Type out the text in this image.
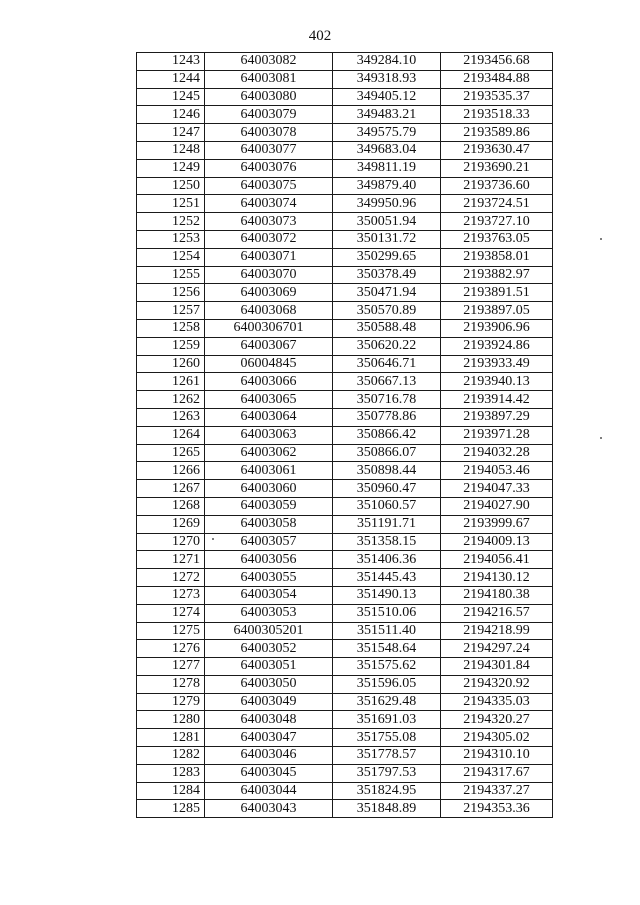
402
1243	64003082	349284.10	2193456.68
1244	64003081	349318.93	2193484.88
1245	64003080	349405.12	2193535.37
1246	64003079	349483.21	2193518.33
1247	64003078	349575.79	2193589.86
1248	64003077	349683.04	2193630.47
1249	64003076	349811.19	2193690.21
1250	64003075	349879.40	2193736.60
1251	64003074	349950.96	2193724.51
1252	64003073	350051.94	2193727.10
1253	64003072	350131.72	2193763.05
1254	64003071	350299.65	2193858.01
1255	64003070	350378.49	2193882.97
1256	64003069	350471.94	2193891.51
1257	64003068	350570.89	2193897.05
1258	6400306701	350588.48	2193906.96
1259	64003067	350620.22	2193924.86
1260	06004845	350646.71	2193933.49
1261	64003066	350667.13	2193940.13
1262	64003065	350716.78	2193914.42
1263	64003064	350778.86	2193897.29
1264	64003063	350866.42	2193971.28
1265	64003062	350866.07	2194032.28
1266	64003061	350898.44	2194053.46
1267	64003060	350960.47	2194047.33
1268	64003059	351060.57	2194027.90
1269	64003058	351191.71	2193999.67
1270	64003057	351358.15	2194009.13
1271	64003056	351406.36	2194056.41
1272	64003055	351445.43	2194130.12
1273	64003054	351490.13	2194180.38
1274	64003053	351510.06	2194216.57
1275	6400305201	351511.40	2194218.99
1276	64003052	351548.64	2194297.24
1277	64003051	351575.62	2194301.84
1278	64003050	351596.05	2194320.92
1279	64003049	351629.48	2194335.03
1280	64003048	351691.03	2194320.27
1281	64003047	351755.08	2194305.02
1282	64003046	351778.57	2194310.10
1283	64003045	351797.53	2194317.67
1284	64003044	351824.95	2194337.27
1285	64003043	351848.89	2194353.36
